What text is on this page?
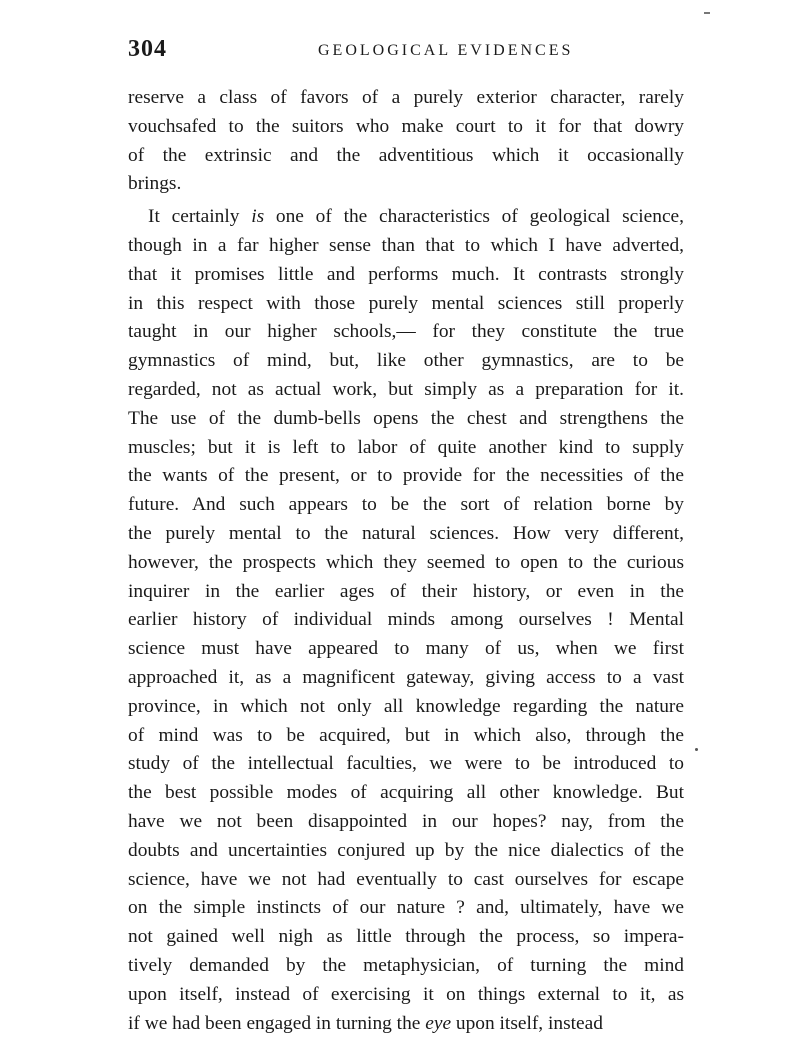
304	GEOLOGICAL EVIDENCES
reserve a class of favors of a purely exterior character, rarely
vouchsafed to the suitors who make court to it for that dowry
of the extrinsic and the adventitious which it occasionally
brings.
It certainly is one of the characteristics of geological science,
though in a far higher sense than that to which I have adverted,
that it promises little and performs much. It contrasts strongly
in this respect with those purely mental sciences still properly
taught in our higher schools,— for they constitute the true
gymnastics of mind, but, like other gymnastics, are to be
regarded, not as actual work, but simply as a preparation for it.
The use of the dumb-bells opens the chest and strengthens the
muscles; but it is left to labor of quite another kind to supply
the wants of the present, or to provide for the necessities of the
future. And such appears to be the sort of relation borne by
the purely mental to the natural sciences. How very different,
however, the prospects which they seemed to open to the curious
inquirer in the earlier ages of their history, or even in the
earlier history of individual minds among ourselves ! Mental
science must have appeared to many of us, when we first
approached it, as a magnificent gateway, giving access to a vast
province, in which not only all knowledge regarding the nature
of mind was to be acquired, but in which also, through the
study of the intellectual faculties, we were to be introduced to
the best possible modes of acquiring all other knowledge. But
have we not been disappointed in our hopes? nay, from the
doubts and uncertainties conjured up by the nice dialectics of the
science, have we not had eventually to cast ourselves for escape
on the simple instincts of our nature ? and, ultimately, have we
not gained well nigh as little through the process, so impera-
tively demanded by the metaphysician, of turning the mind
upon itself, instead of exercising it on things external to it, as
if we had been engaged in turning the eye upon itself, instead
